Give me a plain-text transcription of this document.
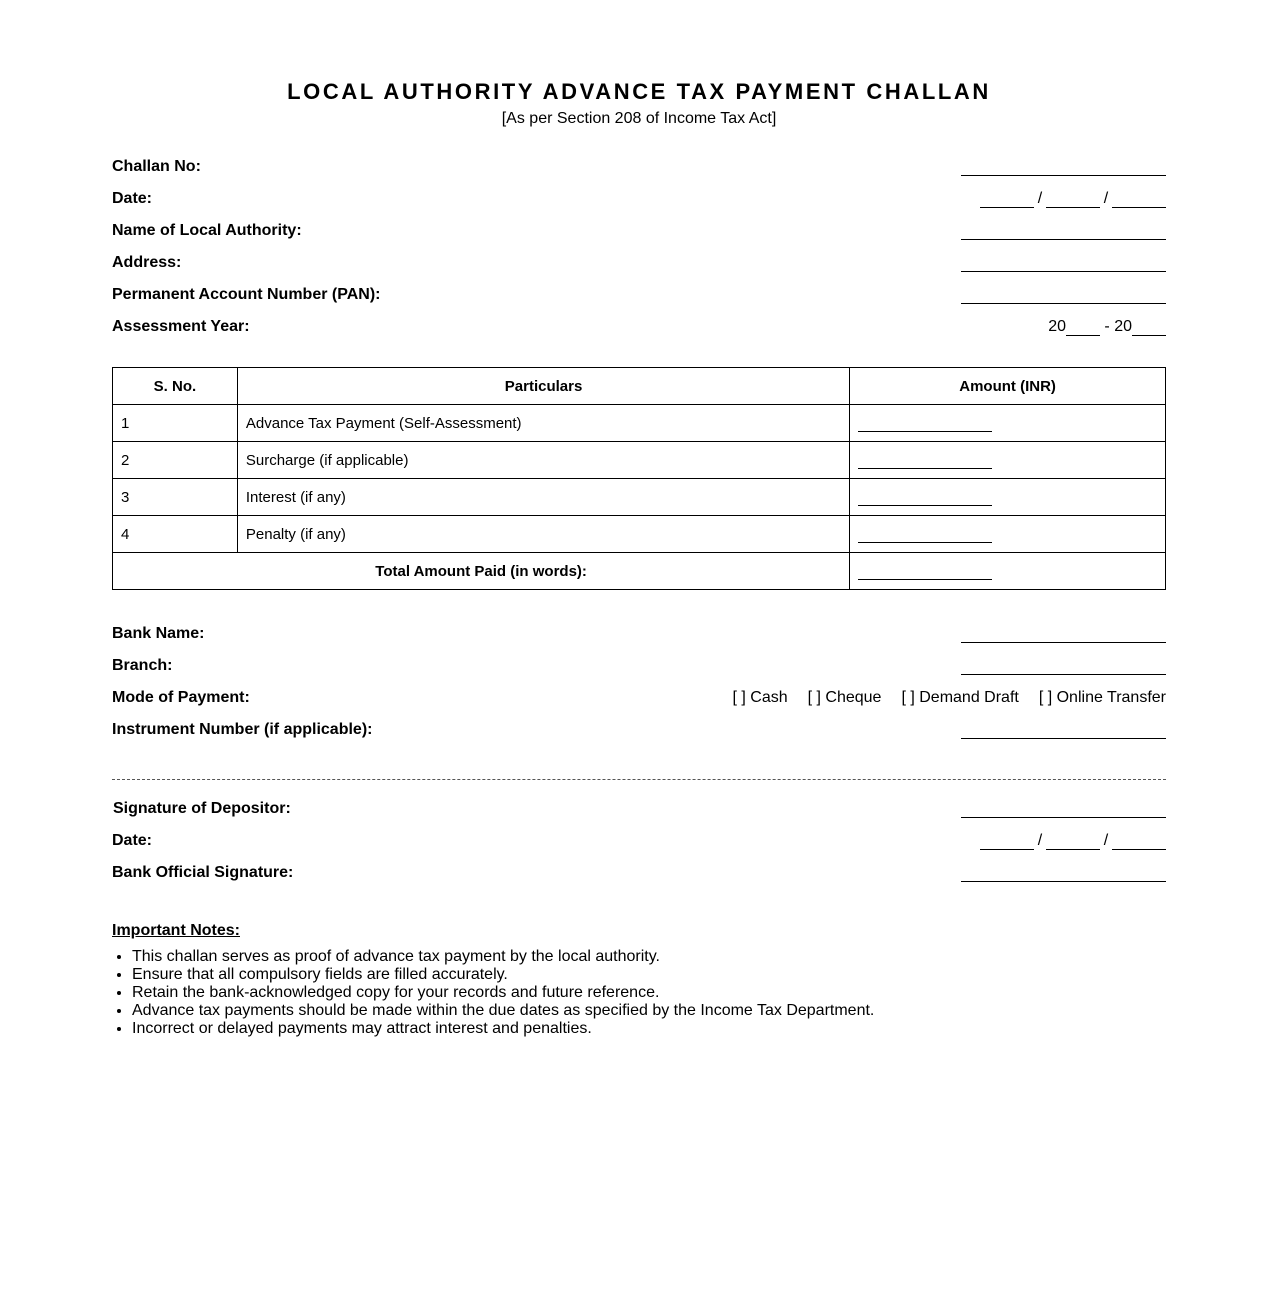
LOCAL AUTHORITY ADVANCE TAX PAYMENT CHALLAN
[As per Section 208 of Income Tax Act]
Challan No:
Date:	/	/
Name of Local Authority:
Address:
Permanent Account Number (PAN):
Assessment Year:	20 - 20
S. No.	Particulars	Amount (INR)
1	Advance Tax Payment (Self-Assessment)	
2	Surcharge (if applicable)	
3	Interest (if any)	
4	Penalty (if any)	
Total Amount Paid (in words):		
Bank Name:
Branch:
Mode of Payment:	[ ] Cash [ ] Cheque [ ] Demand Draft [ ] Online Transfer
Instrument Number (if applicable):
Signature of Depositor:
Date:	/	/
Bank Official Signature:
Important Notes:
• This challan serves as proof of advance tax payment by the local authority.
• Ensure that all compulsory fields are filled accurately.
• Retain the bank-acknowledged copy for your records and future reference.
• Advance tax payments should be made within the due dates as specified by the Income Tax Department.
• Incorrect or delayed payments may attract interest and penalties.
